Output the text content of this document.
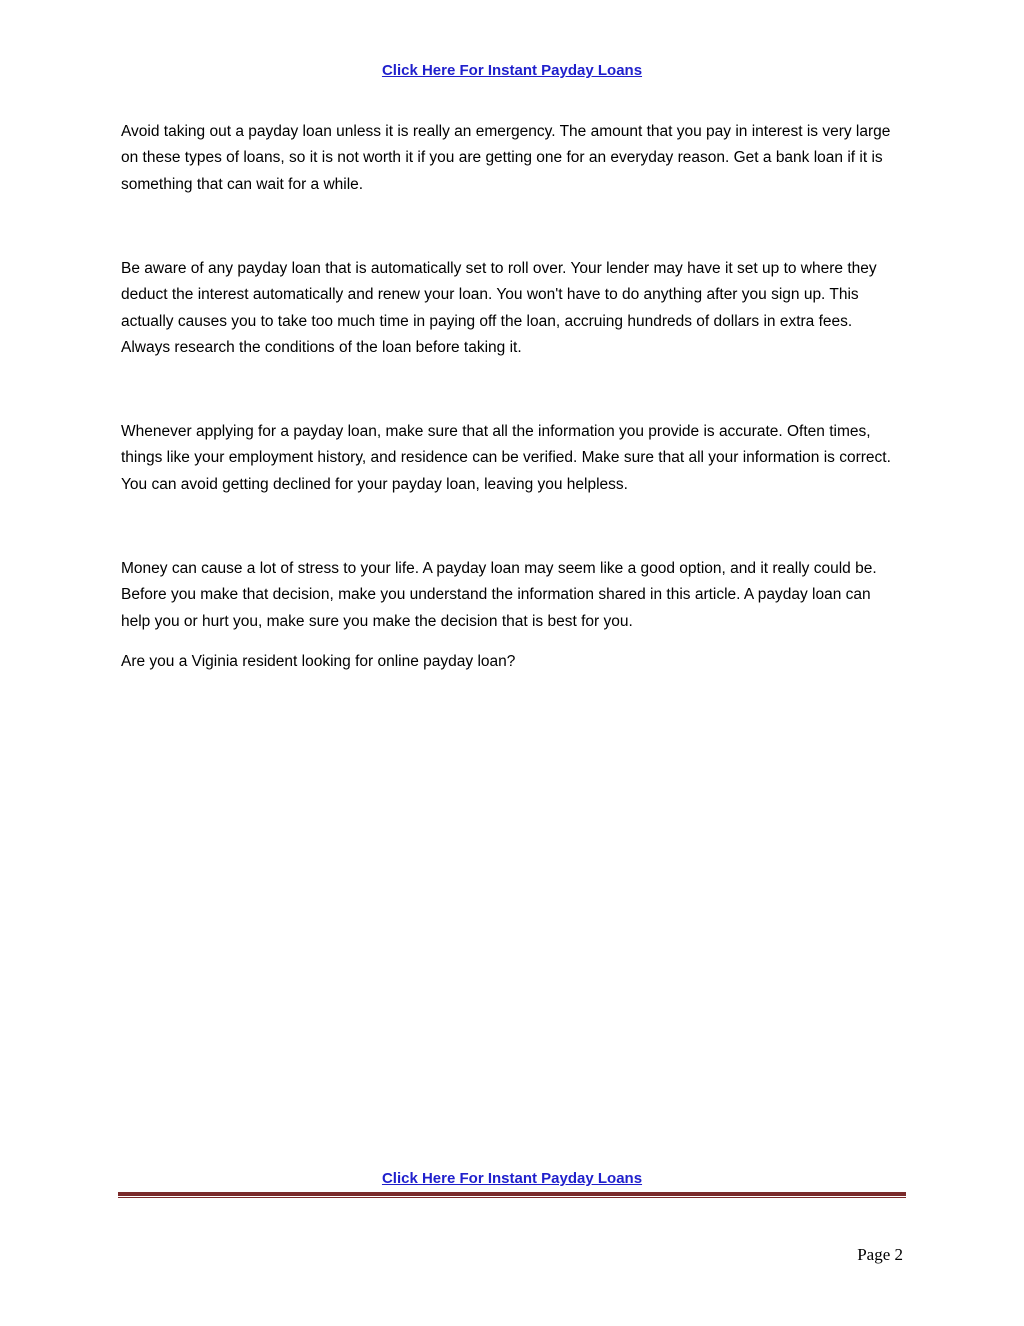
Click Here For Instant Payday Loans

Avoid taking out a payday loan unless it is really an emergency. The amount that you pay in interest is very large on these types of loans, so it is not worth it if you are getting one for an everyday reason. Get a bank loan if it is something that can wait for a while.

Be aware of any payday loan that is automatically set to roll over. Your lender may have it set up to where they deduct the interest automatically and renew your loan. You won't have to do anything after you sign up. This actually causes you to take too much time in paying off the loan, accruing hundreds of dollars in extra fees. Always research the conditions of the loan before taking it.

Whenever applying for a payday loan, make sure that all the information you provide is accurate. Often times, things like your employment history, and residence can be verified. Make sure that all your information is correct. You can avoid getting declined for your payday loan, leaving you helpless.

Money can cause a lot of stress to your life. A payday loan may seem like a good option, and it really could be. Before you make that decision, make you understand the information shared in this article. A payday loan can help you or hurt you, make sure you make the decision that is best for you.

Are you a Viginia resident looking for online payday loan?

Click Here For Instant Payday Loans
Page 2
